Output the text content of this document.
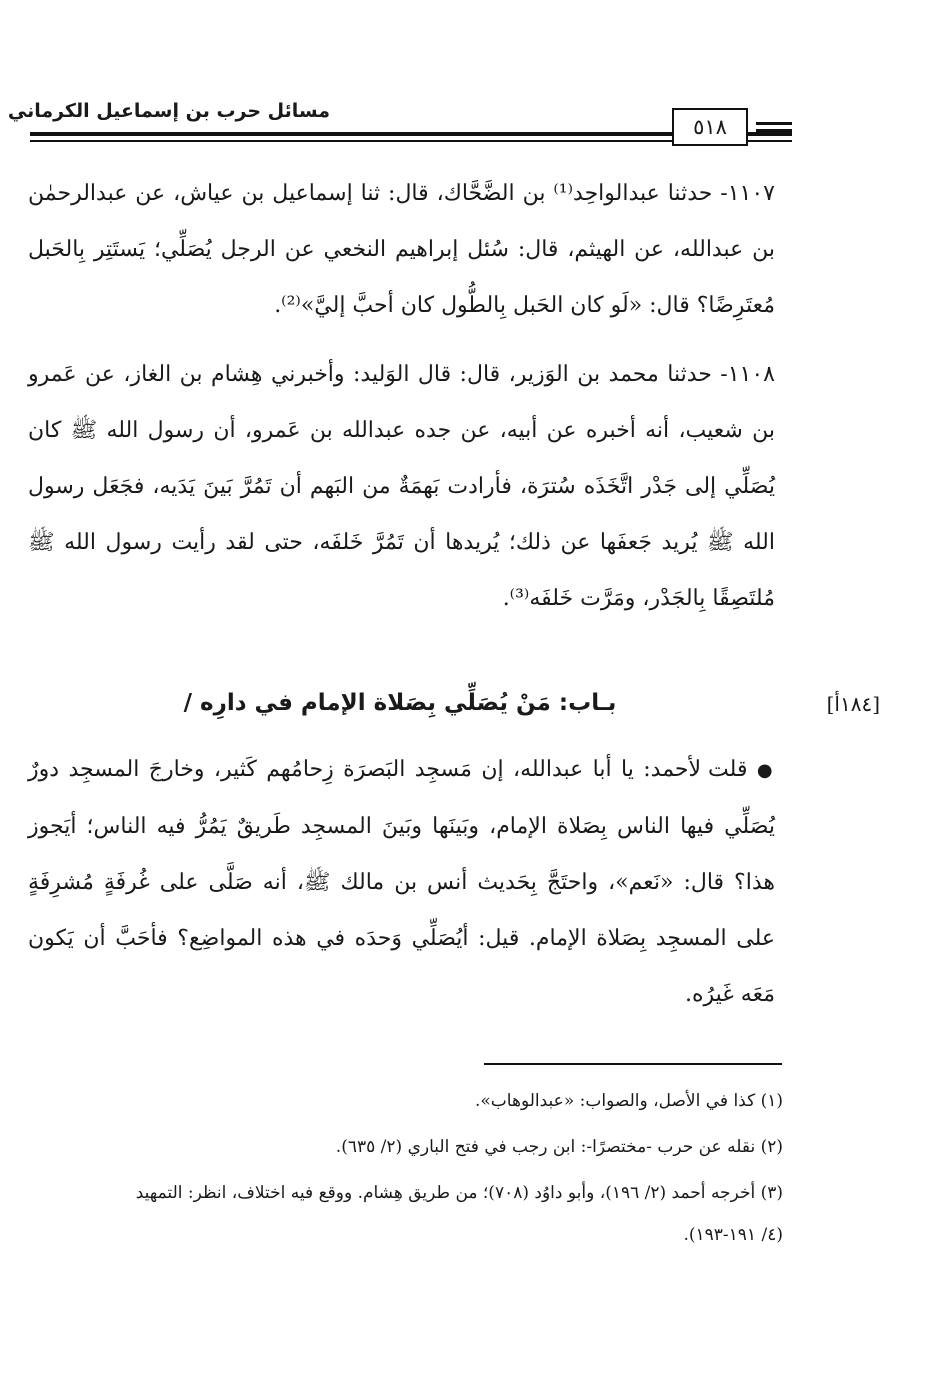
مسائل حرب بن إسماعيل الكرماني
٥١٨

١١٠٧- حدثنا عبدالواحِد⁽¹⁾ بن الضَّحَّاك، قال: ثنا إسماعيل بن عياش، عن عبدالرحمٰن بن عبدالله، عن الهيثم، قال: سُئل إبراهيم النخعي عن الرجل يُصَلِّي؛ يَستَتِر بِالحَبل مُعتَرِضًا؟ قال: «لَو كان الحَبل بِالطُّول كان أحبَّ إليَّ»⁽²⁾.

١١٠٨- حدثنا محمد بن الوَزير، قال: قال الوَليد: وأخبرني هِشام بن الغاز، عن عَمرو بن شعيب، أنه أخبره عن أبيه، عن جده عبدالله بن عَمرو، أن رسول الله ﷺ كان يُصَلِّي إلى جَدْر اتَّخَذَه سُترَة، فأرادت بَهمَةٌ من البَهم أن تَمُرَّ بَينَ يَدَيه، فجَعَل رسول الله ﷺ يُريد جَعفَها عن ذلك؛ يُريدها أن تَمُرَّ خَلفَه، حتى لقد رأيت رسول الله ﷺ مُلتَصِقًا بِالجَدْر، ومَرَّت خَلفَه⁽³⁾.

[١٨٤أ]
بـاب: مَنْ يُصَلِّي بِصَلاة الإمام في دارِه /

● قلت لأحمد: يا أبا عبدالله، إن مَسجِد البَصرَة زِحامُهم كَثير، وخارجَ المسجِد دورٌ يُصَلِّي فيها الناس بِصَلاة الإمام، وبَينَها وبَينَ المسجِد طَريقٌ يَمُرُّ فيه الناس؛ أيَجوز هذا؟ قال: «نَعم»، واحتَجَّ بِحَديث أنس بن مالك ﷺ، أنه صَلَّى على غُرفَةٍ مُشرِفَةٍ على المسجِد بِصَلاة الإمام. قيل: أيُصَلِّي وَحدَه في هذه المواضِع؟ فأحَبَّ أن يَكون مَعَه غَيرُه.

(١) كذا في الأصل، والصواب: «عبدالوهاب».

(٢) نقله عن حرب -مختصرًا-: ابن رجب في فتح الباري (٢/ ٦٣٥).

(٣) أخرجه أحمد (٢/ ١٩٦)، وأبو داوُد (٧٠٨)؛ من طريق هِشام. ووقع فيه اختلاف، انظر: التمهيد
(٤/ ١٩١-١٩٣).
